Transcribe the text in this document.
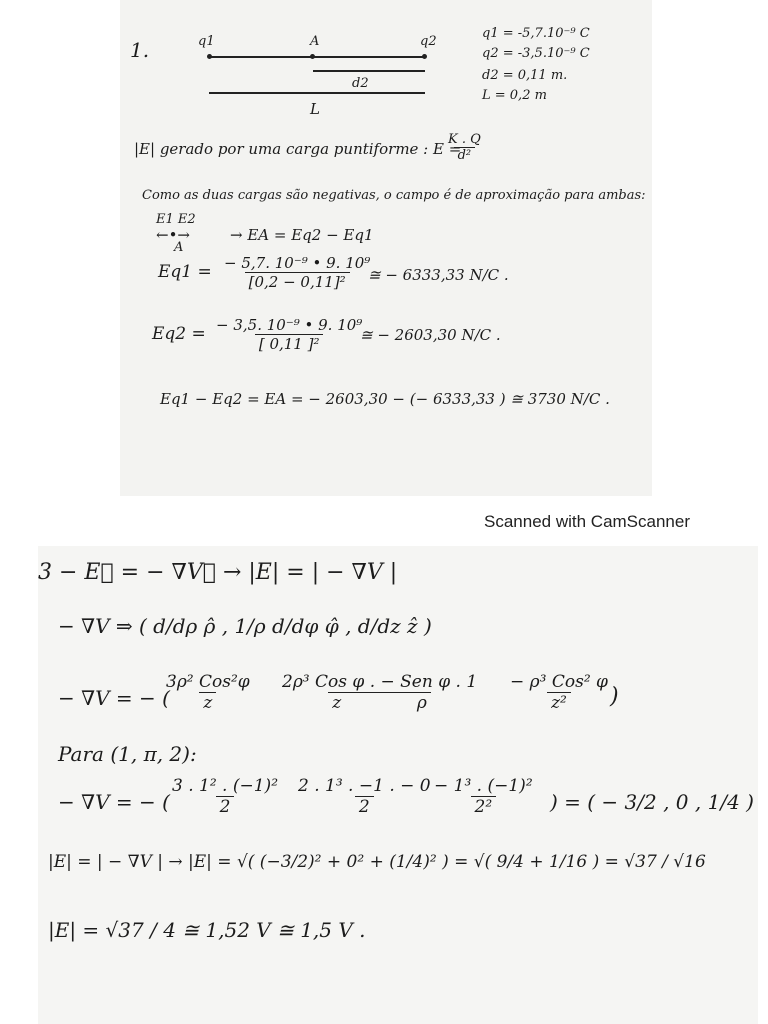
1.	q1	A	q2
d2
L
q1 = -5,7.10⁻⁹ C
q2 = -3,5.10⁻⁹ C
d2 = 0,11 m.
L = 0,2 m
|E| gerado por uma carga puntiforme : E =
$\frac{K . Q}{\text{d²}}$
Como as duas cargas são negativas, o campo é de aproximação para ambas:
E1 E2
←•→
A
→ EA = Eq2 − Eq1
$Eq1 = \frac{\text{− 5,7. 10⁻⁹ • 9. 10⁹}}{\text{[0,2 − 0,11]²}}$
≅ − 6333,33 N/C .
$Eq2 = \frac{\text{− 3,5. 10⁻⁹ • 9. 10⁹}}{\text{[ 0,11 ]²}}$
≅ − 2603,30 N/C .
Eq1 − Eq2 = EA = − 2603,30 − (− 6333,33 ) ≅ 3730 N/C .
Scanned with CamScanner
3 − E⃗ = − ∇V⃗ → |E| = | − ∇V |
− ∇V ⇒ ( d/dρ ρ̂ , 1/ρ d/dφ φ̂ , d/dz ẑ )
− ∇V = − (
3ρ² Cos²φ
z
2ρ³ Cos φ . − Sen φ . 1
z              ρ
− ρ³ Cos² φ
z² )
Para (1, π, 2):
− ∇V = − (
$\frac{\text{3 . 1² . (−1)²}}{2} \frac{\text{2 . 1³ . −1 . − 0}}{2}$
$\frac{\text{− 1³ . (−1)²}}{\text{2²}}$ ) = ( − 3/2 , 0 , 1/4 )
|E| = | − ∇V | → |E| = √( (−3/2)² + 0² + (1/4)² ) = √( 9/4 + 1/16 ) = √37 / √16
|E| = √37 / 4 ≅ 1,52 V ≅ 1,5 V .
